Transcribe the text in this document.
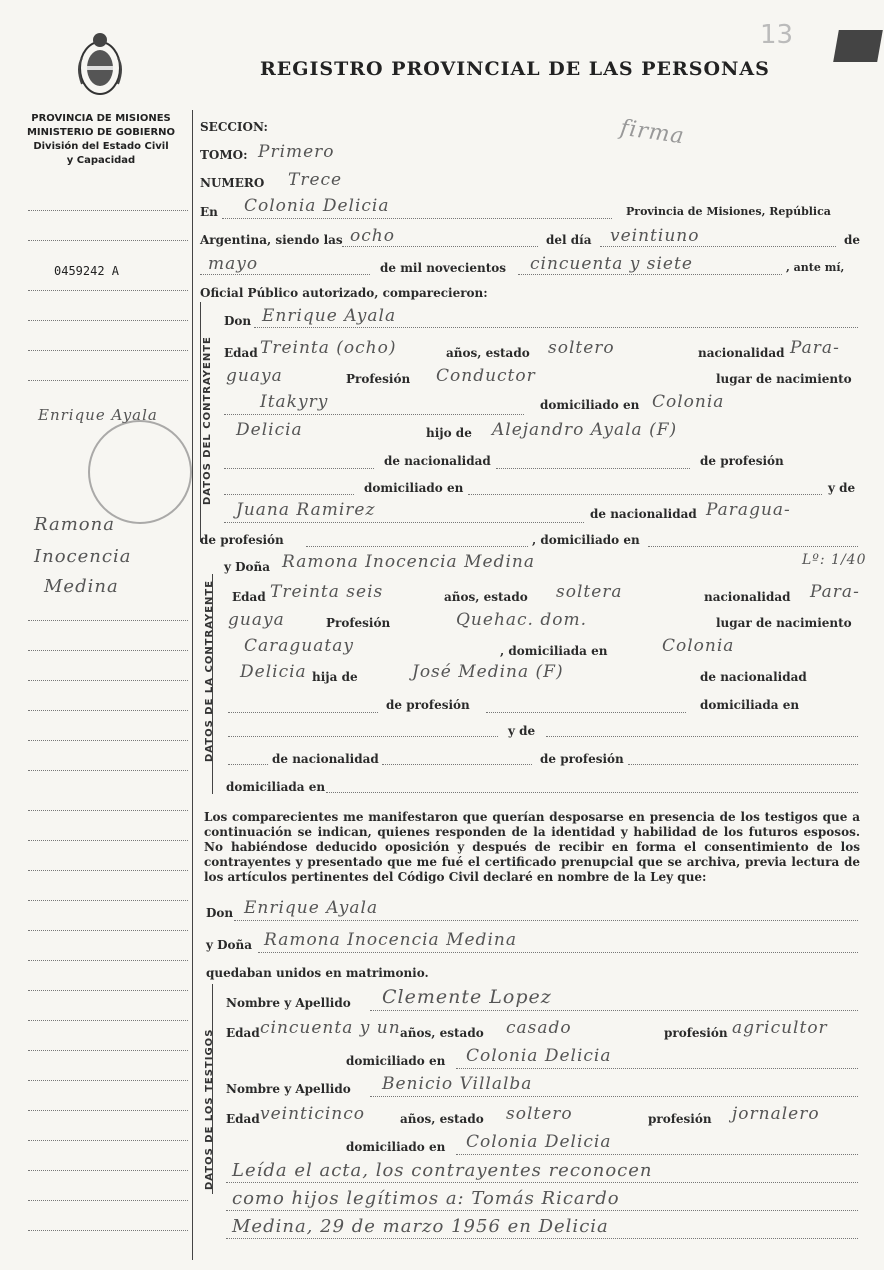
REGISTRO PROVINCIAL DE LAS PERSONAS
13
PROVINCIA DE MISIONES
MINISTERIO DE GOBIERNO
División del Estado Civil
y Capacidad
0459242 A
Enrique Ayala
Ramona
Inocencia
Medina
SECCION:
TOMO: Primero
NUMERO Trece
firma
En Colonia Delicia	Provincia de Misiones, República
Argentina, siendo las ocho	del día veintiuno	de
mayo	de mil novecientos cincuenta y siete	, ante mí,
Oficial Público autorizado, comparecieron:
DATOS DEL CONTRAYENTE
Don Enrique Ayala
Edad Treinta (ocho)	años, estado soltero	nacionalidad Para-
guaya	Profesión Conductor	lugar de nacimiento
Itakyry	domiciliado en Colonia
Delicia	hijo de Alejandro Ayala (F)
de nacionalidad	de profesión
domiciliado en	y de
Juana Ramirez	de nacionalidad Paragua-
de profesión	, domiciliado en
y Doña Ramona Inocencia Medina	Lº: 1/40
DATOS DE LA CONTRAYENTE Edad Treinta seis	años, estado soltera	nacionalidad Para-
guaya	Profesión	Quehac. dom.	lugar de nacimiento
Caraguatay	, domiciliada en	Colonia
Delicia hija de	José Medina (F)	de nacionalidad
de profesión	domiciliada en
y de
de nacionalidad	de profesión
domiciliada en
Los comparecientes me manifestaron que querían desposarse en presencia de los testigos que a continuación se indican, quienes responden de la identidad y habilidad de los futuros esposos. No habiéndose deducido oposición y después de recibir en forma el consentimiento de los contrayentes y presentado que me fué el certificado prenupcial que se archiva, previa lectura de los artículos pertinentes del Código Civil declaré en nombre de la Ley que:
Don Enrique Ayala
y Doña Ramona Inocencia Medina
quedaban unidos en matrimonio.
DATOS DE LOS TESTIGOS
Nombre y Apellido Clemente Lopez
Edad cincuenta y un años, estado casado	profesión agricultor
domiciliado en Colonia Delicia
Nombre y Apellido Benicio Villalba
Edad veinticinco	años, estado soltero	profesión jornalero
domiciliado en Colonia Delicia
Leída el acta, los contrayentes reconocen
como hijos legítimos a: Tomás Ricardo
Medina, 29 de marzo 1956 en Delicia
